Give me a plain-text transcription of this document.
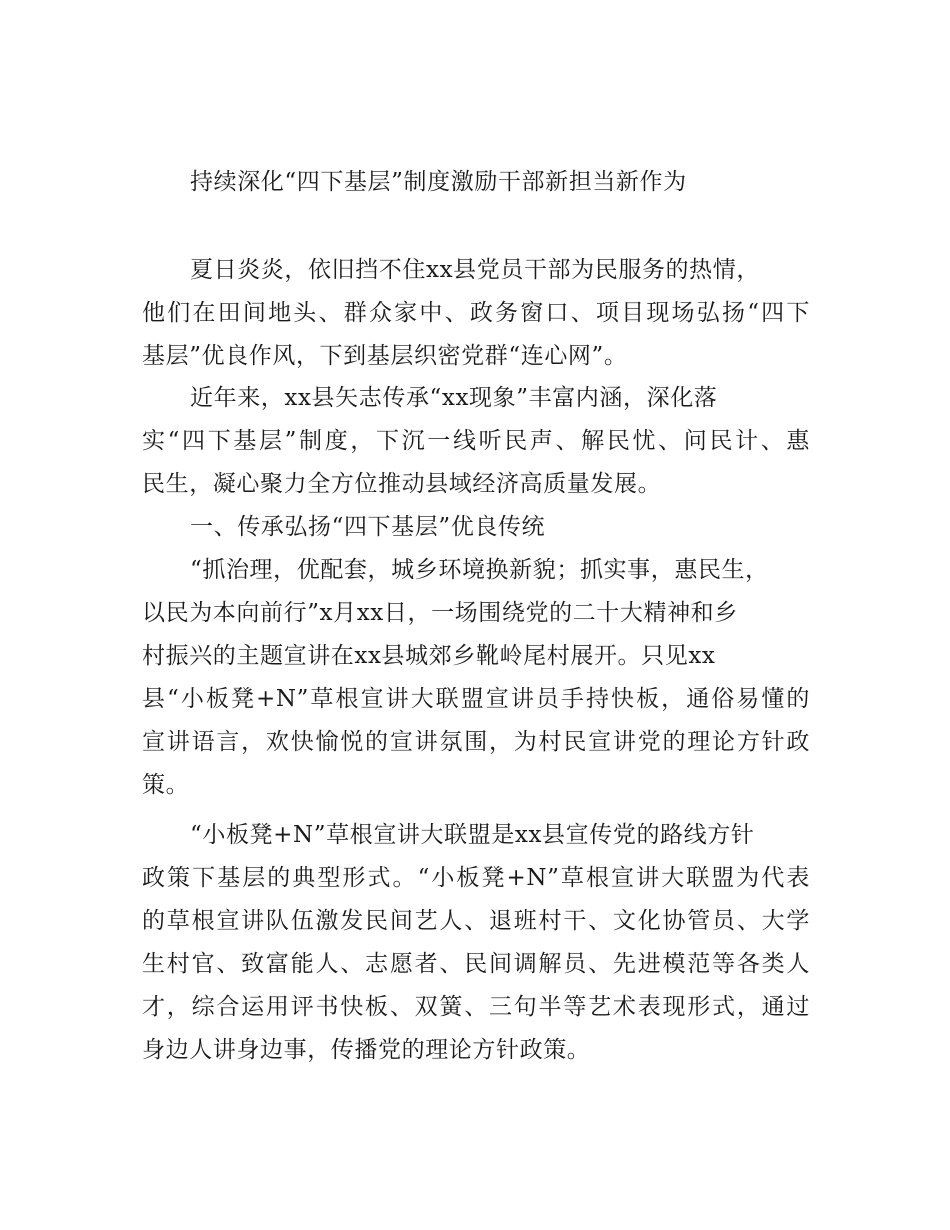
持续深化“四下基层”制度激励干部新担当新作为
夏日炎炎，依旧挡不住xx县党员干部为民服务的热情，
他们在田间地头、群众家中、政务窗口、项目现场弘扬“四下
基层”优良作风，下到基层织密党群“连心网”。
近年来，xx县矢志传承“xx现象”丰富内涵，深化落
实“四下基层”制度，下沉一线听民声、解民忧、问民计、惠
民生，凝心聚力全方位推动县域经济高质量发展。
一、传承弘扬“四下基层”优良传统
“抓治理，优配套，城乡环境换新貌；抓实事，惠民生，
以民为本向前行”x月xx日，一场围绕党的二十大精神和乡
村振兴的主题宣讲在xx县城郊乡靴岭尾村展开。只见xx
县“小板凳+N”草根宣讲大联盟宣讲员手持快板，通俗易懂的
宣讲语言，欢快愉悦的宣讲氛围，为村民宣讲党的理论方针政
策。
“小板凳+N”草根宣讲大联盟是xx县宣传党的路线方针
政策下基层的典型形式。“小板凳+N”草根宣讲大联盟为代表
的草根宣讲队伍激发民间艺人、退班村干、文化协管员、大学
生村官、致富能人、志愿者、民间调解员、先进模范等各类人
才，综合运用评书快板、双簧、三句半等艺术表现形式，通过
身边人讲身边事，传播党的理论方针政策。
